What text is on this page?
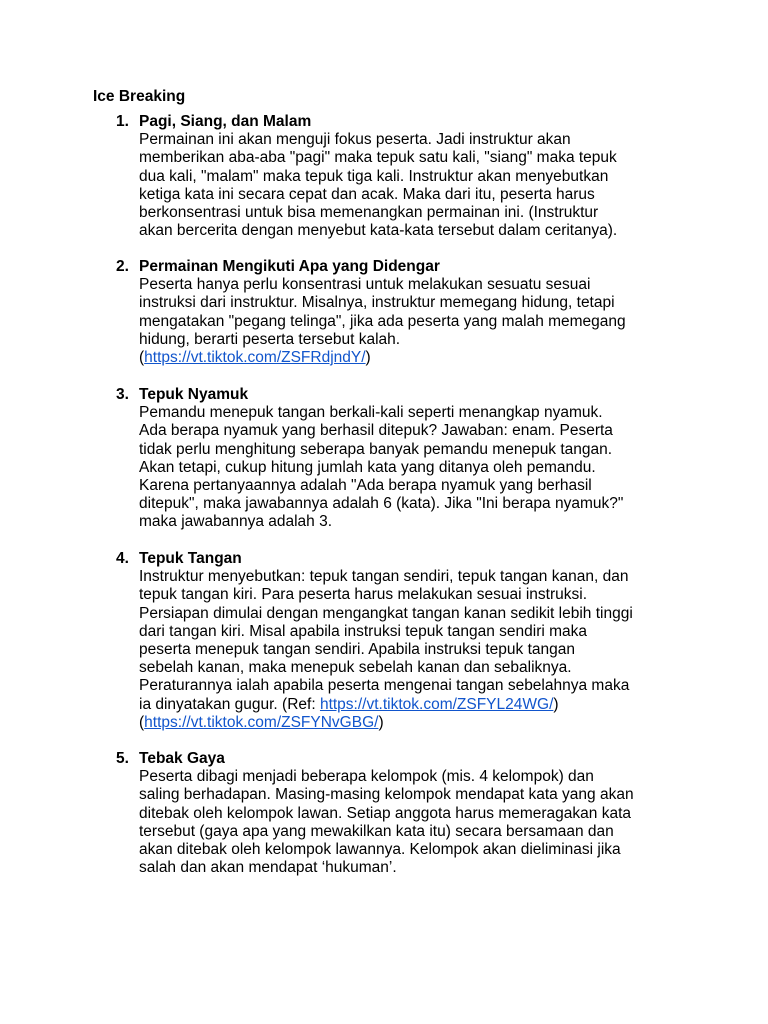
Ice Breaking
1. Pagi, Siang, dan Malam
Permainan ini akan menguji fokus peserta. Jadi instruktur akan
memberikan aba-aba "pagi" maka tepuk satu kali, "siang" maka tepuk
dua kali, "malam" maka tepuk tiga kali. Instruktur akan menyebutkan
ketiga kata ini secara cepat dan acak. Maka dari itu, peserta harus
berkonsentrasi untuk bisa memenangkan permainan ini. (Instruktur
akan bercerita dengan menyebut kata-kata tersebut dalam ceritanya).
2. Permainan Mengikuti Apa yang Didengar
Peserta hanya perlu konsentrasi untuk melakukan sesuatu sesuai
instruksi dari instruktur. Misalnya, instruktur memegang hidung, tetapi
mengatakan "pegang telinga", jika ada peserta yang malah memegang
hidung, berarti peserta tersebut kalah.
(https://vt.tiktok.com/ZSFRdjndY/)
3. Tepuk Nyamuk
Pemandu menepuk tangan berkali-kali seperti menangkap nyamuk.
Ada berapa nyamuk yang berhasil ditepuk? Jawaban: enam. Peserta
tidak perlu menghitung seberapa banyak pemandu menepuk tangan.
Akan tetapi, cukup hitung jumlah kata yang ditanya oleh pemandu.
Karena pertanyaannya adalah "Ada berapa nyamuk yang berhasil
ditepuk", maka jawabannya adalah 6 (kata). Jika "Ini berapa nyamuk?"
maka jawabannya adalah 3.
4. Tepuk Tangan
Instruktur menyebutkan: tepuk tangan sendiri, tepuk tangan kanan, dan
tepuk tangan kiri. Para peserta harus melakukan sesuai instruksi.
Persiapan dimulai dengan mengangkat tangan kanan sedikit lebih tinggi
dari tangan kiri. Misal apabila instruksi tepuk tangan sendiri maka
peserta menepuk tangan sendiri. Apabila instruksi tepuk tangan
sebelah kanan, maka menepuk sebelah kanan dan sebaliknya.
Peraturannya ialah apabila peserta mengenai tangan sebelahnya maka
ia dinyatakan gugur. (Ref: https://vt.tiktok.com/ZSFYL24WG/)
(https://vt.tiktok.com/ZSFYNvGBG/)
5. Tebak Gaya
Peserta dibagi menjadi beberapa kelompok (mis. 4 kelompok) dan
saling berhadapan. Masing-masing kelompok mendapat kata yang akan
ditebak oleh kelompok lawan. Setiap anggota harus memeragakan kata
tersebut (gaya apa yang mewakilkan kata itu) secara bersamaan dan
akan ditebak oleh kelompok lawannya. Kelompok akan dieliminasi jika
salah dan akan mendapat ‘hukuman’.
